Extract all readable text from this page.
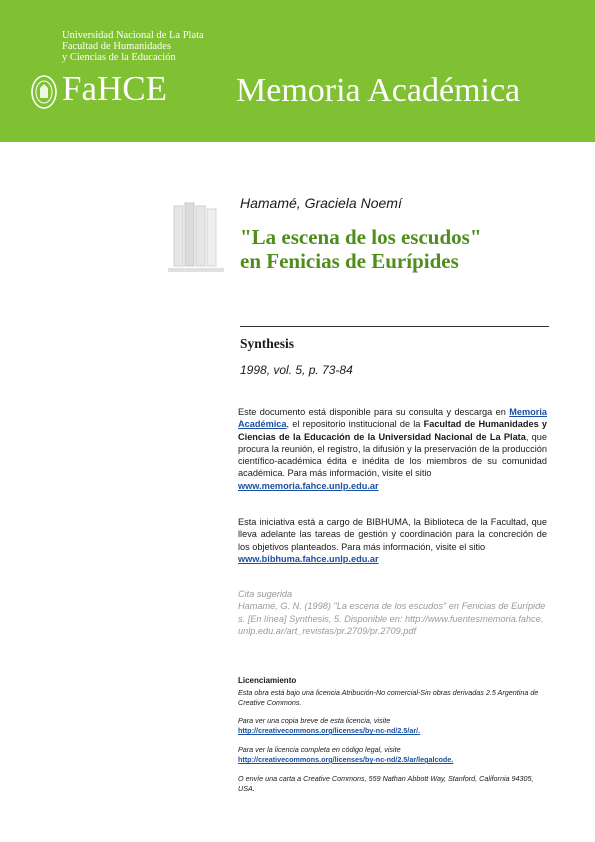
Universidad Nacional de La Plata
Facultad de Humanidades
y Ciencias de la Educación
FaHCE Memoria Académica
Hamamé, Graciela Noemí
"La escena de los escudos"
en Fenicias de Eurípides
Synthesis
1998, vol. 5, p. 73-84
Este documento está disponible para su consulta y descarga en Memoria Académica, el repositorio institucional de la Facultad de Humanidades y Ciencias de la Educación de la Universidad Nacional de La Plata, que procura la reunión, el registro, la difusión y la preservación de la producción científico-académica édita e inédita de los miembros de su comunidad académica. Para más información, visite el sitio
www.memoria.fahce.unlp.edu.ar
Esta iniciativa está a cargo de BIBHUMA, la Biblioteca de la Facultad, que lleva adelante las tareas de gestión y coordinación para la concreción de los objetivos planteados. Para más información, visite el sitio
www.bibhuma.fahce.unlp.edu.ar
Cita sugerida
Hamamé, G. N. (1998) "La escena de los escudos" en Fenicias de Eurípides. [En línea] Synthesis, 5. Disponible en: http://www.fuentesmemoria.fahce.unlp.edu.ar/art_revistas/pr.2709/pr.2709.pdf
Licenciamiento
Esta obra está bajo una licencia Atribución-No comercial-Sin obras derivadas 2.5 Argentina de Creative Commons.
Para ver una copia breve de esta licencia, visite
http://creativecommons.org/licenses/by-nc-nd/2.5/ar/.
Para ver la licencia completa en código legal, visite
http://creativecommons.org/licenses/by-nc-nd/2.5/ar/legalcode.
O envíe una carta a Creative Commons, 559 Nathan Abbott Way, Stanford, California 94305, USA.
